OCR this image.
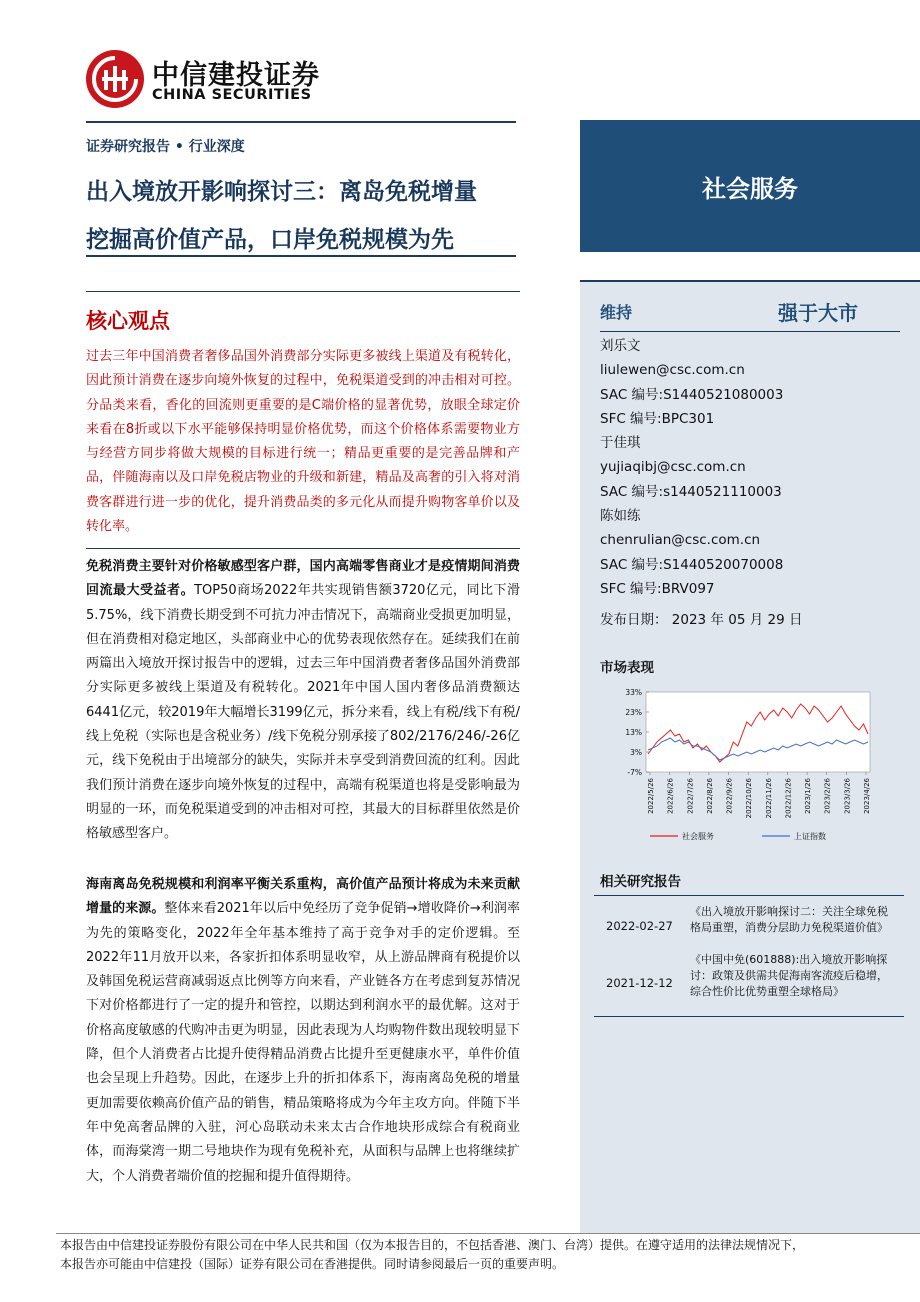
中信建投证券
CHINA SECURITIES
证券研究报告 • 行业深度
出入境放开影响探讨三：离岛免税增量
挖掘高价值产品，口岸免税规模为先
社会服务
核心观点
过去三年中国消费者奢侈品国外消费部分实际更多被线上渠道及有税转化，因此预计消费在逐步向境外恢复的过程中，免税渠道受到的冲击相对可控。分品类来看，香化的回流则更重要的是C端价格的显著优势，放眼全球定价来看在8折或以下水平能够保持明显价格优势，而这个价格体系需要物业方与经营方同步将做大规模的目标进行统一；精品更重要的是完善品牌和产品，伴随海南以及口岸免税店物业的升级和新建，精品及高奢的引入将对消费客群进行进一步的优化，提升消费品类的多元化从而提升购物客单价以及转化率。
免税消费主要针对价格敏感型客户群，国内高端零售商业才是疫情期间消费回流最大受益者。TOP50商场2022年共实现销售额3720亿元，同比下滑5.75%，线下消费长期受到不可抗力冲击情况下，高端商业受损更加明显，但在消费相对稳定地区，头部商业中心的优势表现依然存在。延续我们在前两篇出入境放开探讨报告中的逻辑，过去三年中国消费者奢侈品国外消费部分实际更多被线上渠道及有税转化。2021年中国人国内奢侈品消费额达6441亿元，较2019年大幅增长3199亿元，拆分来看，线上有税/线下有税/线上免税（实际也是含税业务）/线下免税分别承接了802/2176/246/-26亿元，线下免税由于出境部分的缺失，实际并未享受到消费回流的红利。因此我们预计消费在逐步向境外恢复的过程中，高端有税渠道也将是受影响最为明显的一环，而免税渠道受到的冲击相对可控，其最大的目标群里依然是价格敏感型客户。
海南离岛免税规模和利润率平衡关系重构，高价值产品预计将成为未来贡献增量的来源。整体来看2021年以后中免经历了竞争促销→增收降价→利润率为先的策略变化，2022年全年基本维持了高于竞争对手的定价逻辑。至2022年11月放开以来，各家折扣体系明显收窄，从上游品牌商有税提价以及韩国免税运营商减弱返点比例等方向来看，产业链各方在考虑到复苏情况下对价格都进行了一定的提升和管控，以期达到利润水平的最优解。这对于价格高度敏感的代购冲击更为明显，因此表现为人均购物件数出现较明显下降，但个人消费者占比提升使得精品消费占比提升至更健康水平，单件价值也会呈现上升趋势。因此，在逐步上升的折扣体系下，海南离岛免税的增量更加需要依赖高价值产品的销售，精品策略将成为今年主攻方向。伴随下半年中免高奢品牌的入驻，河心岛联动未来太古合作地块形成综合有税商业体，而海棠湾一期二号地块作为现有免税补充，从面积与品牌上也将继续扩大，个人消费者端价值的挖掘和提升值得期待。
维持	强于大市
刘乐文
liulewen@csc.com.cn
SAC 编号:S1440521080003
SFC 编号:BPC301
于佳琪
yujiaqibj@csc.com.cn
SAC 编号:s1440521110003
陈如练
chenrulian@csc.com.cn
SAC 编号:S1440520070008
SFC 编号:BRV097
发布日期： 2023 年 05 月 29 日
市场表现
33%
23%
13%
3%
-7%
2022/5/26 2022/6/26 2022/7/26 2022/8/26 2022/9/26 2022/10/26 2022/11/26 2022/12/26 2023/1/26 2023/2/26 2023/3/26 2023/4/26
社会服务	上证指数
相关研究报告
2022-02-27
《出入境放开影响探讨二：关注全球免税格局重塑，消费分层助力免税渠道价值》
2021-12-12
《中国中免(601888):出入境放开影响探讨：政策及供需共促海南客流疫后稳增，综合性价比优势重塑全球格局》
本报告由中信建投证券股份有限公司在中华人民共和国（仅为本报告目的，不包括香港、澳门、台湾）提供。在遵守适用的法律法规情况下，
本报告亦可能由中信建投（国际）证券有限公司在香港提供。同时请参阅最后一页的重要声明。
